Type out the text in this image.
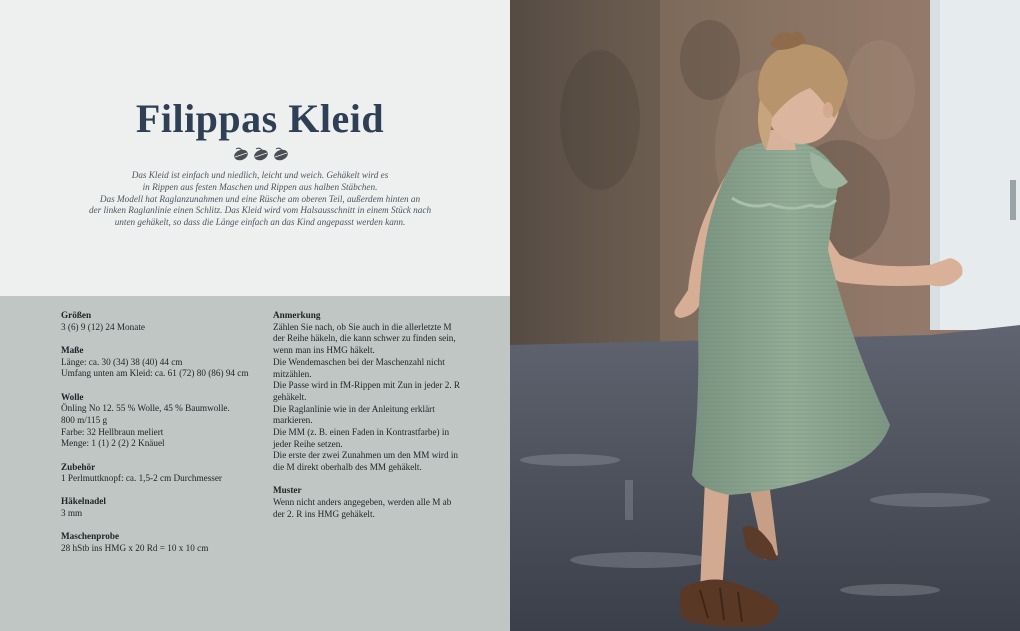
Filippas Kleid
Das Kleid ist einfach und niedlich, leicht und weich. Gehäkelt wird es
in Rippen aus festen Maschen und Rippen aus halben Stäbchen.
Das Modell hat Raglanzunahmen und eine Rüsche am oberen Teil, außerdem hinten an
der linken Raglanlinie einen Schlitz. Das Kleid wird vom Halsausschnitt in einem Stück nach
unten gehäkelt, so dass die Länge einfach an das Kind angepasst werden kann.
Größen

3 (6) 9 (12) 24 Monate

Maße

Länge: ca. 30 (34) 38 (40) 44 cm

Umfang unten am Kleid: ca. 61 (72) 80 (86) 94 cm

Wolle

Önling No 12. 55 % Wolle, 45 % Baumwolle.

800 m/115 g

Farbe: 32 Hellbraun meliert

Menge: 1 (1) 2 (2) 2 Knäuel

Zubehör

1 Perlmuttknopf: ca. 1,5-2 cm Durchmesser

Häkelnadel

3 mm

Maschenprobe

28 hStb ins HMG x 20 Rd = 10 x 10 cm

Anmerkung

Zählen Sie nach, ob Sie auch in die allerletzte M

der Reihe häkeln, die kann schwer zu finden sein,

wenn man ins HMG häkelt.

Die Wendemaschen bei der Maschenzahl nicht

mitzählen.

Die Passe wird in fM-Rippen mit Zun in jeder 2. R

gehäkelt.

Die Raglanlinie wie in der Anleitung erklärt

markieren.

Die MM (z. B. einen Faden in Kontrastfarbe) in

jeder Reihe setzen.

Die erste der zwei Zunahmen um den MM wird in

die M direkt oberhalb des MM gehäkelt.

Muster

Wenn nicht anders angegeben, werden alle M ab

der 2. R ins HMG gehäkelt.
